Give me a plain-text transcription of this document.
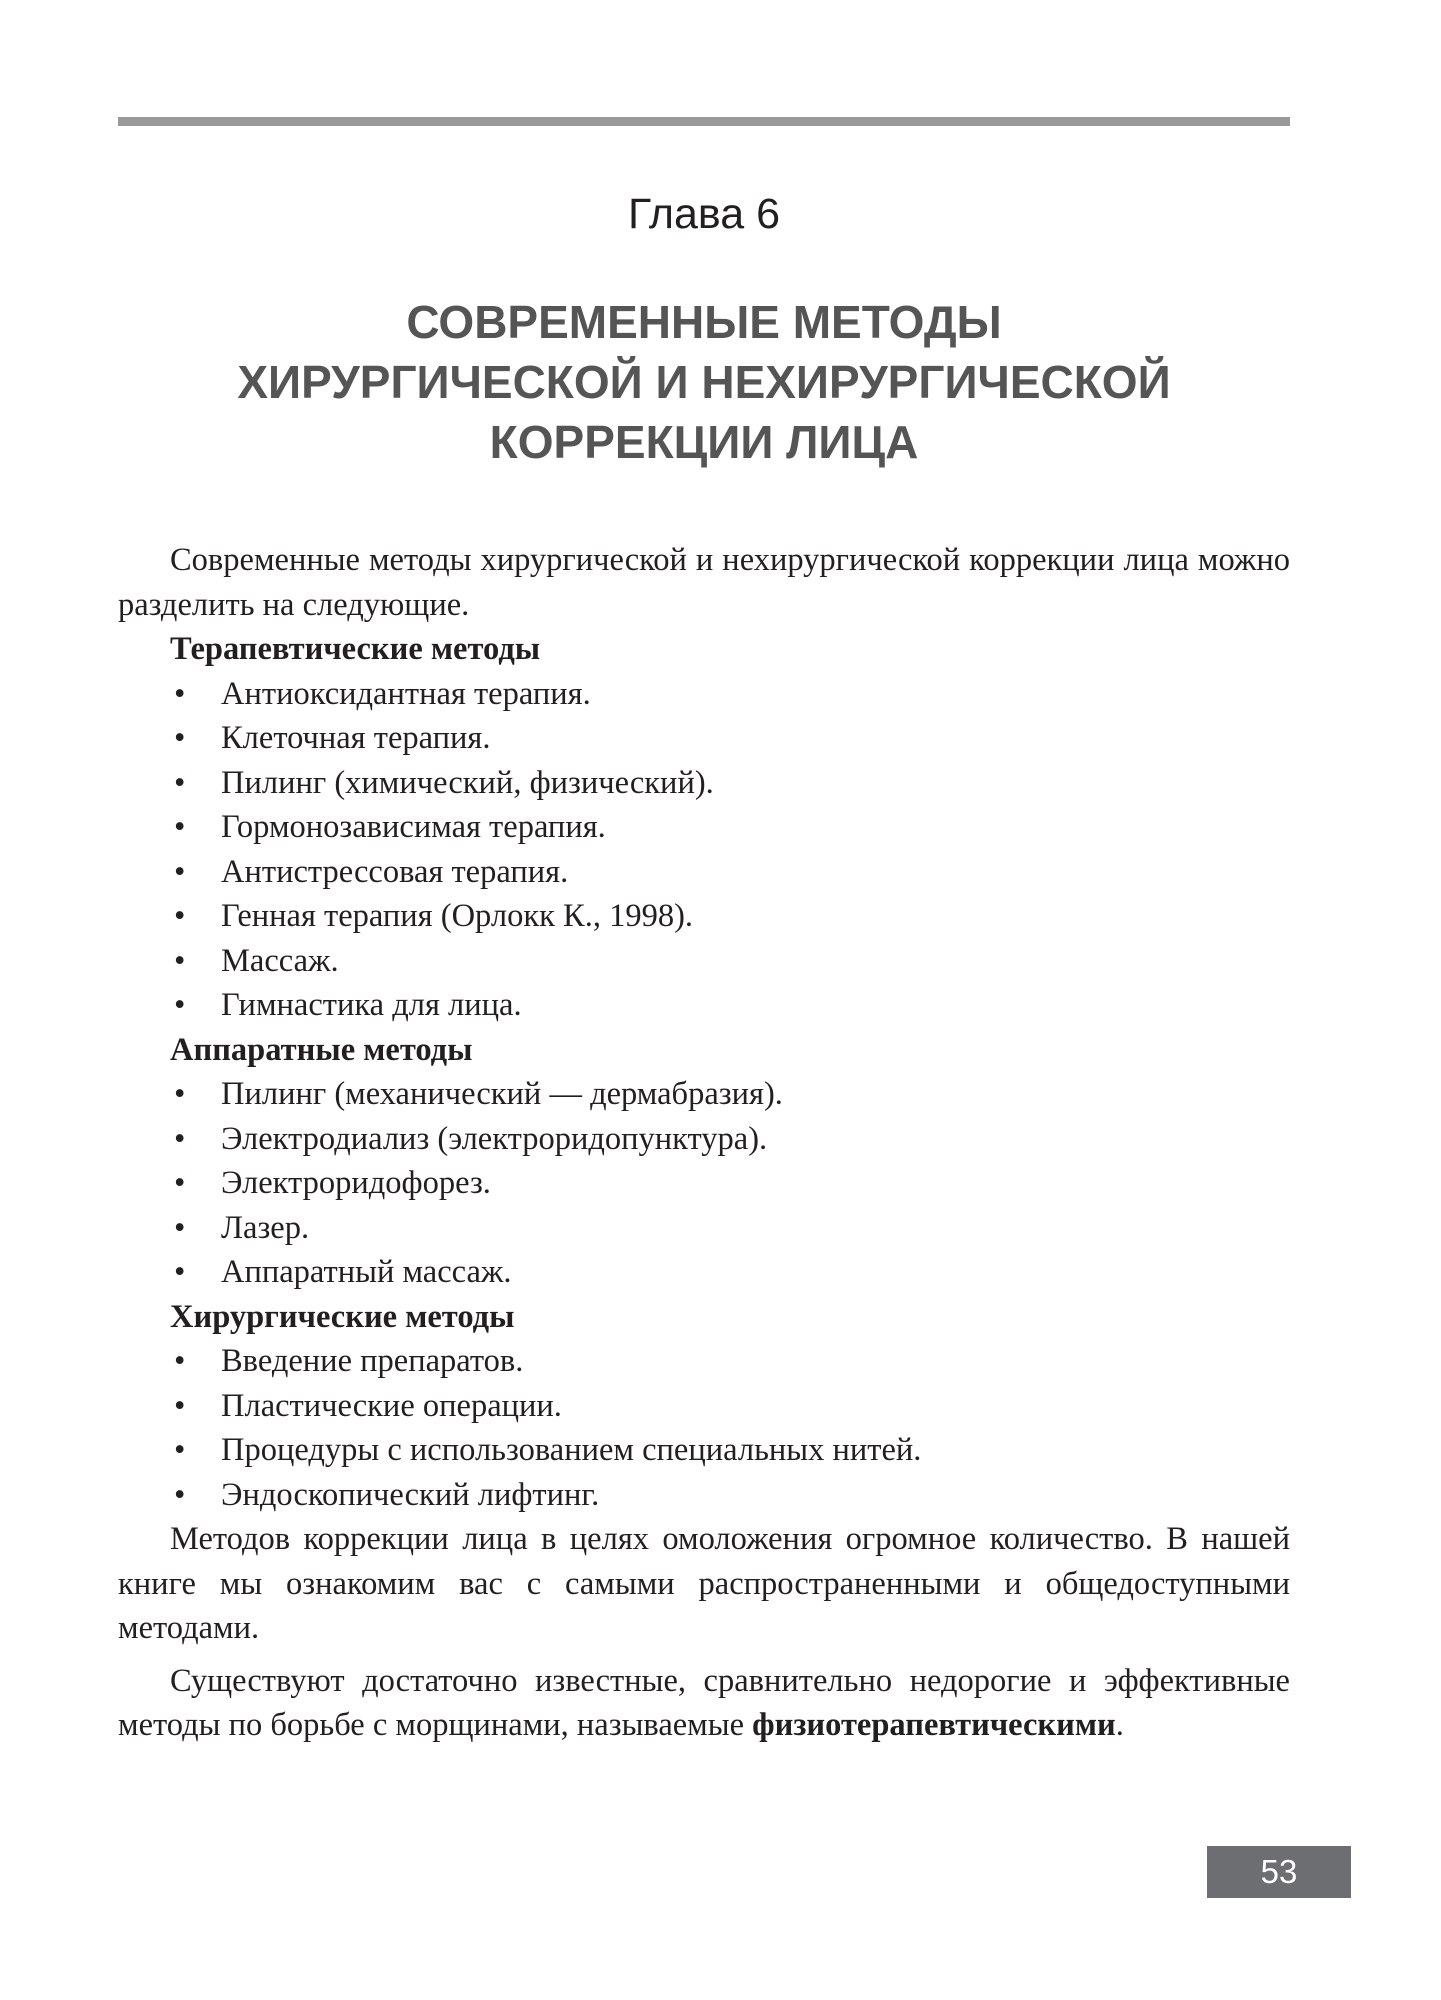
Глава 6
СОВРЕМЕННЫЕ МЕТОДЫ
ХИРУРГИЧЕСКОЙ И НЕХИРУРГИЧЕСКОЙ
КОРРЕКЦИИ ЛИЦА

Современные методы хирургической и нехирургической коррекции лица можно разделить на следующие.

Терапевтические методы

• Антиоксидантная терапия.
• Клеточная терапия.
• Пилинг (химический, физический).
• Гормонозависимая терапия.
• Антистрессовая терапия.
• Генная терапия (Орлокк К., 1998).
• Массаж.
• Гимнастика для лица.

Аппаратные методы

• Пилинг (механический — дермабразия).
• Электродиализ (электроридопунктура).
• Электроридофорез.
• Лазер.
• Аппаратный массаж.

Хирургические методы

• Введение препаратов.
• Пластические операции.
• Процедуры с использованием специальных нитей.
• Эндоскопический лифтинг.

Методов коррекции лица в целях омоложения огромное количество. В нашей книге мы ознакомим вас с самыми распространенными и общедоступными методами.

Существуют достаточно известные, сравнительно недорогие и эффективные методы по борьбе с морщинами, называемые физиотерапевтическими.

53
